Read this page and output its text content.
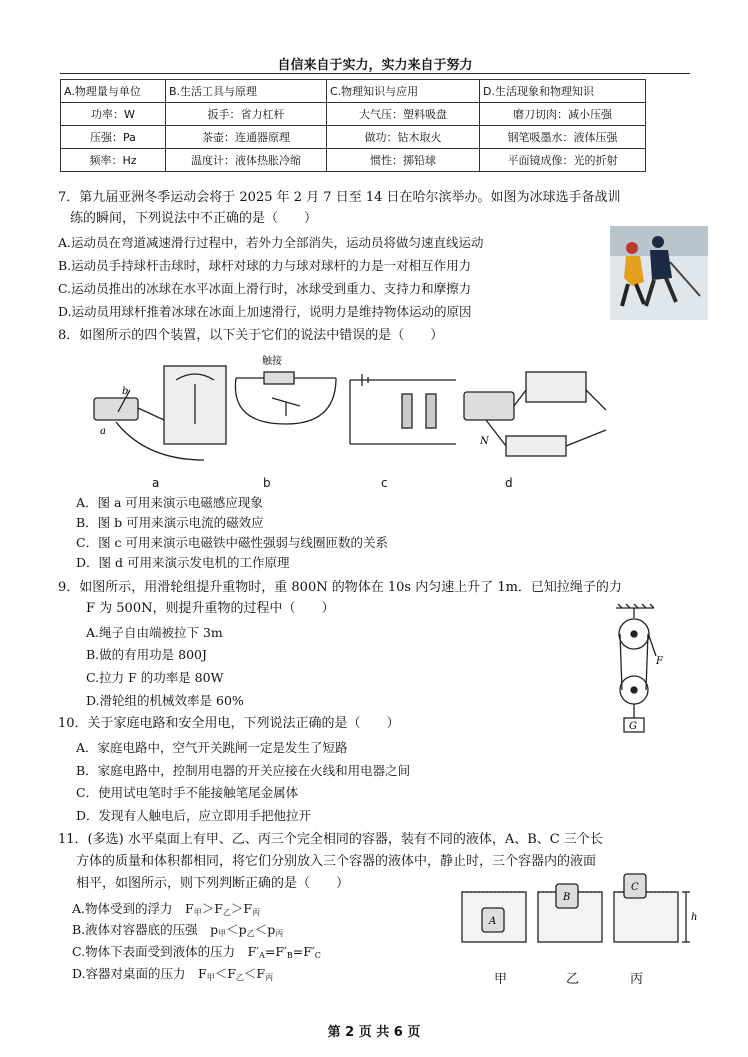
自信来自于实力，实力来自于努力
A.物理量与单位	B.生活工具与原理	C.物理知识与应用	D.生活现象和物理知识
功率：W	扳手：省力杠杆	大气压：塑料吸盘	磨刀切肉：减小压强
压强：Pa	茶壶：连通器原理	做功：钻木取火	钢笔吸墨水：液体压强
频率：Hz	温度计：液体热胀冷缩	惯性：掷铅球	平面镜成像：光的折射
7．第九届亚洲冬季运动会将于 2025 年 2 月 7 日至 14 日在哈尔滨举办。如图为冰球选手备战训
练的瞬间，下列说法中不正确的是（　　）
A.运动员在弯道减速滑行过程中，若外力全部消失，运动员将做匀速直线运动
B.运动员手持球杆击球时，球杆对球的力与球对球杆的力是一对相互作用力
C.运动员推出的冰球在水平冰面上滑行时，冰球受到重力、支持力和摩擦力
D.运动员用球杆推着冰球在冰面上加速滑行，说明力是维持物体运动的原因
8．如图所示的四个装置，以下关于它们的说法中错误的是（　　）
b
a
触接
N
a	b	c	d
A．图 a 可用来演示电磁感应现象
B．图 b 可用来演示电流的磁效应
C．图 c 可用来演示电磁铁中磁性强弱与线圈匝数的关系
D．图 d 可用来演示发电机的工作原理
9．如图所示，用滑轮组提升重物时，重 800N 的物体在 10s 内匀速上升了 1m．已知拉绳子的力
F 为 500N，则提升重物的过程中（　　）
A.绳子自由端被拉下 3m
B.做的有用功是 800J
C.拉力 F 的功率是 80W
D.滑轮组的机械效率是 60%
F
G
10．关于家庭电路和安全用电，下列说法正确的是（　　）
A．家庭电路中，空气开关跳闸一定是发生了短路
B．家庭电路中，控制用电器的开关应接在火线和用电器之间
C．使用试电笔时手不能接触笔尾金属体
D．发现有人触电后，应立即用手把他拉开
11．(多选) 水平桌面上有甲、乙、丙三个完全相同的容器，装有不同的液体，A、B、C 三个长
方体的质量和体积都相同，将它们分别放入三个容器的液体中，静止时，三个容器内的液面
相平，如图所示，则下列判断正确的是（　　）
A.物体受到的浮力　$F_甲>F_乙>F_丙$
B.液体对容器底的压强　$p_甲<p_乙<p_丙$
C.物体下表面受到液体的压力　$F'_A=F'_B=F'_C$
D.容器对桌面的压力　$F_甲<F_乙<F_丙$
A
B
C
h
甲	乙	丙
第 2 页 共 6 页
